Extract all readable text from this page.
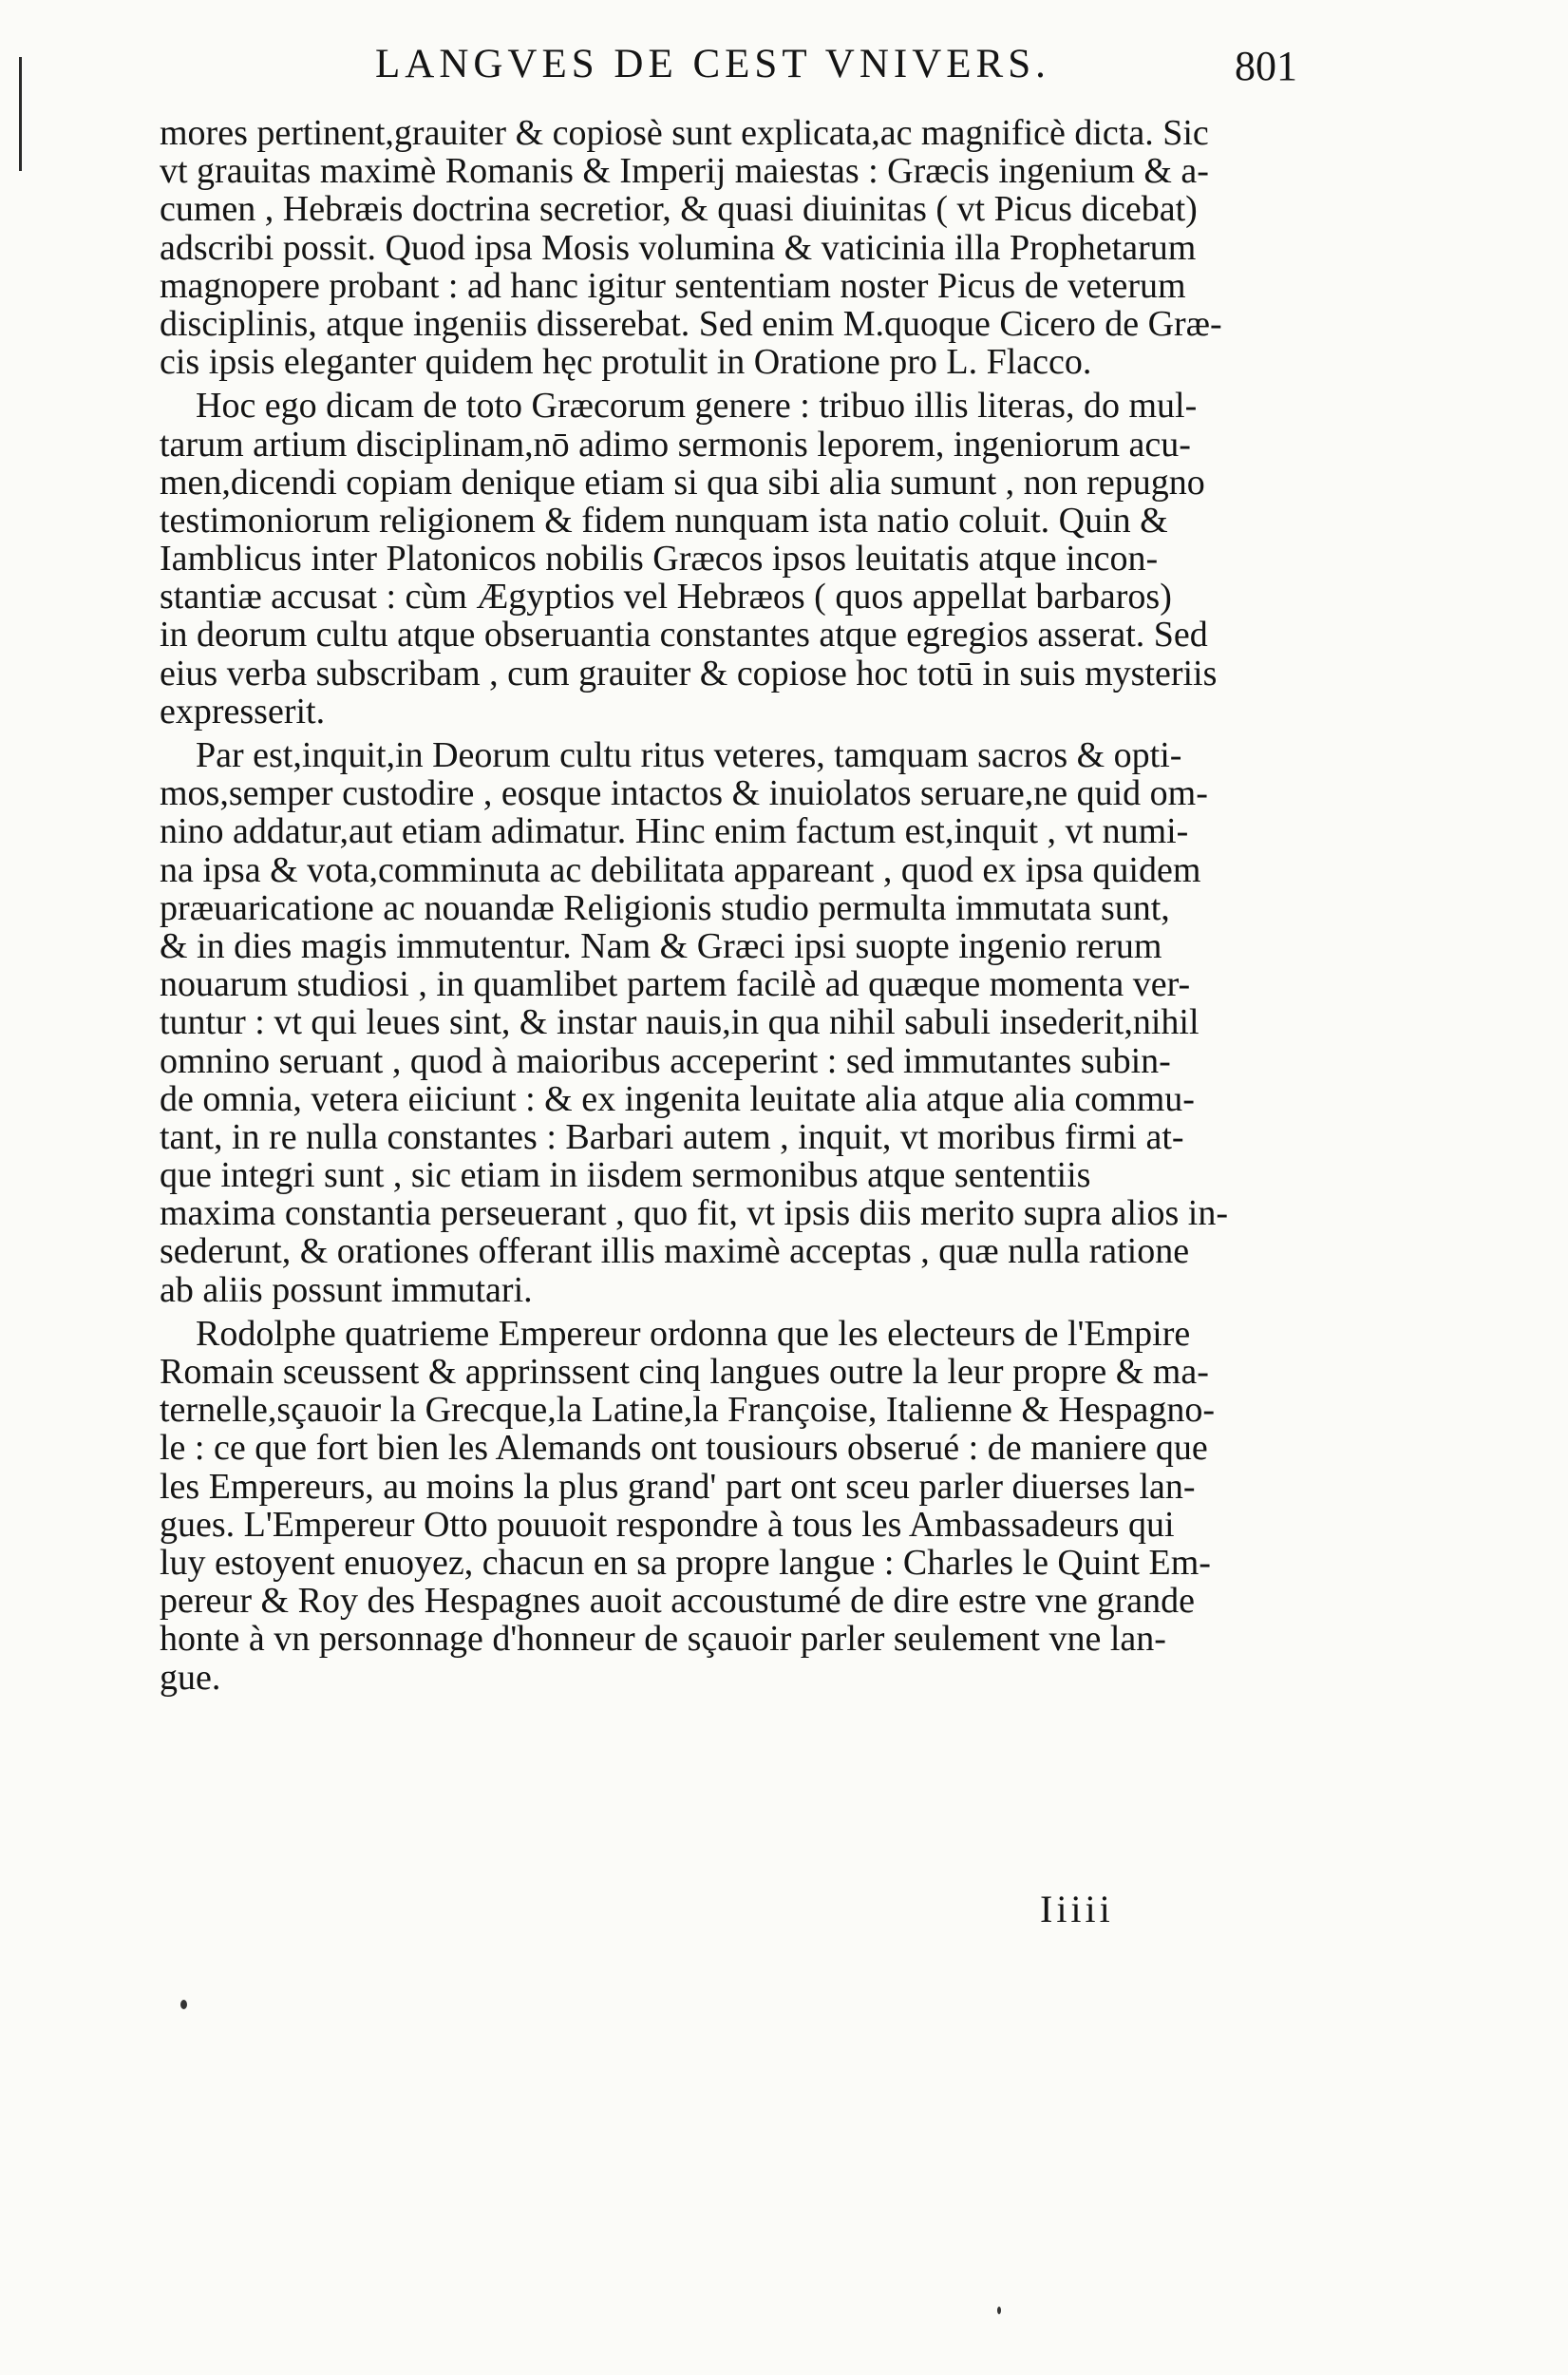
LANGVES DE CEST VNIVERS.	801
mores pertinent,grauiter & copiosè sunt explicata,ac magnificè dicta. Sic
vt grauitas maximè Romanis & Imperij maiestas : Græcis ingenium & a-
cumen , Hebræis doctrina secretior, & quasi diuinitas ( vt Picus dicebat)
adscribi possit. Quod ipsa Mosis volumina & vaticinia illa Prophetarum
magnopere probant : ad hanc igitur sententiam noster Picus de veterum
disciplinis, atque ingeniis disserebat. Sed enim M.quoque Cicero de Græ-
cis ipsis eleganter quidem hęc protulit in Oratione pro L. Flacco.
Hoc ego dicam de toto Græcorum genere : tribuo illis literas, do mul-
tarum artium disciplinam,nō adimo sermonis leporem, ingeniorum acu-
men,dicendi copiam denique etiam si qua sibi alia sumunt , non repugno
testimoniorum religionem & fidem nunquam ista natio coluit. Quin &
Iamblicus inter Platonicos nobilis Græcos ipsos leuitatis atque incon-
stantiæ accusat : cùm Ægyptios vel Hebræos ( quos appellat barbaros)
in deorum cultu atque obseruantia constantes atque egregios asserat. Sed
eius verba subscribam , cum grauiter & copiose hoc totū in suis mysteriis
expresserit.
Par est,inquit,in Deorum cultu ritus veteres, tamquam sacros & opti-
mos,semper custodire , eosque intactos & inuiolatos seruare,ne quid om-
nino addatur,aut etiam adimatur. Hinc enim factum est,inquit , vt numi-
na ipsa & vota,comminuta ac debilitata appareant , quod ex ipsa quidem
præuaricatione ac nouandæ Religionis studio permulta immutata sunt,
& in dies magis immutentur. Nam & Græci ipsi suopte ingenio rerum
nouarum studiosi , in quamlibet partem facilè ad quæque momenta ver-
tuntur : vt qui leues sint, & instar nauis,in qua nihil sabuli insederit,nihil
omnino seruant , quod à maioribus acceperint : sed immutantes subin-
de omnia, vetera eiiciunt : & ex ingenita leuitate alia atque alia commu-
tant, in re nulla constantes : Barbari autem , inquit, vt moribus firmi at-
que integri sunt , sic etiam in iisdem sermonibus atque sententiis
maxima constantia perseuerant , quo fit, vt ipsis diis merito supra alios in-
sederunt, & orationes offerant illis maximè acceptas , quæ nulla ratione
ab aliis possunt immutari.
Rodolphe quatrieme Empereur ordonna que les electeurs de l'Empire
Romain sceussent & apprinssent cinq langues outre la leur propre & ma-
ternelle,sçauoir la Grecque,la Latine,la Françoise, Italienne & Hespagno-
le : ce que fort bien les Alemands ont tousiours obserué : de maniere que
les Empereurs, au moins la plus grand' part ont sceu parler diuerses lan-
gues. L'Empereur Otto pouuoit respondre à tous les Ambassadeurs qui
luy estoyent enuoyez, chacun en sa propre langue : Charles le Quint Em-
pereur & Roy des Hespagnes auoit accoustumé de dire estre vne grande
honte à vn personnage d'honneur de sçauoir parler seulement vne lan-
gue.
Iiiii
